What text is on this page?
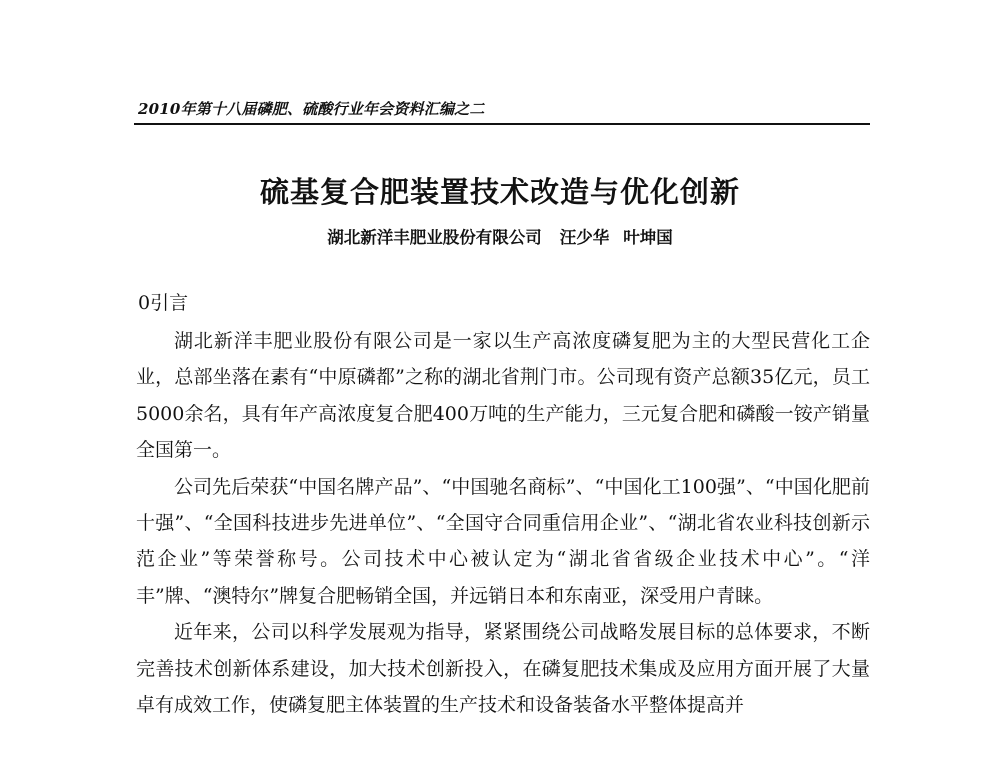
2010年第十八届磷肥、硫酸行业年会资料汇编之二
硫基复合肥装置技术改造与优化创新
湖北新洋丰肥业股份有限公司 汪少华 叶坤国
0引言

湖北新洋丰肥业股份有限公司是一家以生产高浓度磷复肥为主的大型民营化工企业，总部坐落在素有“中原磷都”之称的湖北省荆门市。公司现有资产总额35亿元，员工5000余名，具有年产高浓度复合肥400万吨的生产能力，三元复合肥和磷酸一铵产销量全国第一。

公司先后荣获“中国名牌产品”、“中国驰名商标”、“中国化工100强”、“中国化肥前十强”、“全国科技进步先进单位”、“全国守合同重信用企业”、“湖北省农业科技创新示范企业”等荣誉称号。公司技术中心被认定为“湖北省省级企业技术中心”。“洋丰”牌、“澳特尔”牌复合肥畅销全国，并远销日本和东南亚，深受用户青睐。

近年来，公司以科学发展观为指导，紧紧围绕公司战略发展目标的总体要求，不断完善技术创新体系建设，加大技术创新投入，在磷复肥技术集成及应用方面开展了大量卓有成效工作，使磷复肥主体装置的生产技术和设备装备水平整体提高并
